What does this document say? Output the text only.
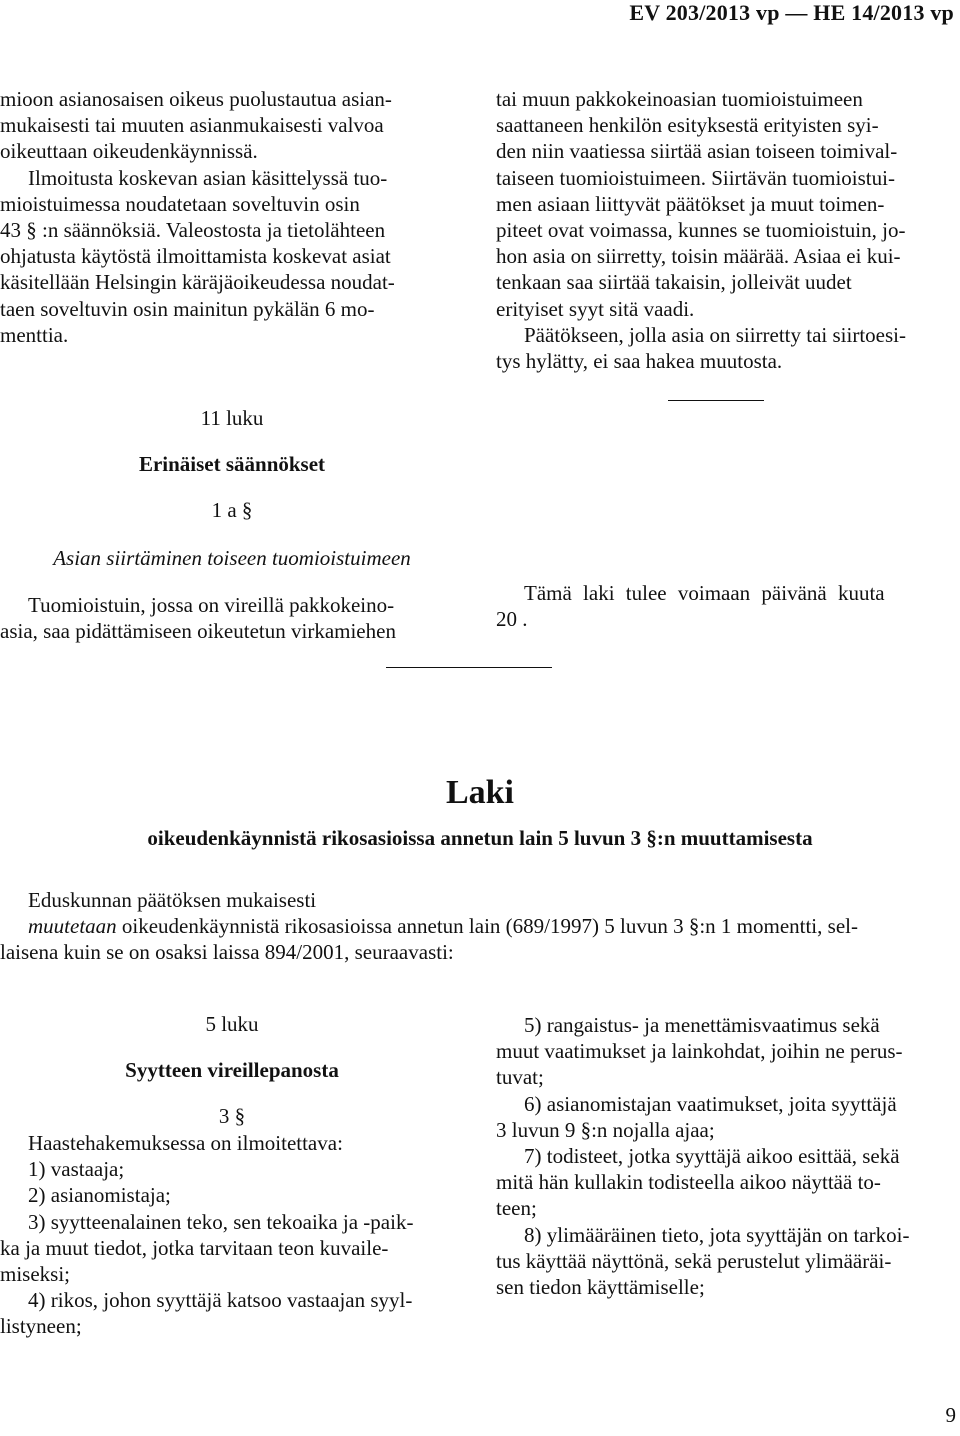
EV 203/2013 vp — HE 14/2013 vp

mioon asianosaisen oikeus puolustautua asian-

mukaisesti tai muuten asianmukaisesti valvoa

oikeuttaan oikeudenkäynnissä.

Ilmoitusta koskevan asian käsittelyssä tuo-

mioistuimessa noudatetaan soveltuvin osin

43 § :n säännöksiä. Valeostosta ja tietolähteen

ohjatusta käytöstä ilmoittamista koskevat asiat

käsitellään Helsingin käräjäoikeudessa noudat-

taen soveltuvin osin mainitun pykälän 6 mo-

menttia.

11 luku
Erinäiset säännökset
1 a §
Asian siirtäminen toiseen tuomioistuimeen

Tuomioistuin, jossa on vireillä pakkokeino-

asia, saa pidättämiseen oikeutetun virkamiehen

tai muun pakkokeinoasian tuomioistuimeen

saattaneen henkilön esityksestä erityisten syi-

den niin vaatiessa siirtää asian toiseen toimival-

taiseen tuomioistuimeen. Siirtävän tuomioistui-

men asiaan liittyvät päätökset ja muut toimen-

piteet ovat voimassa, kunnes se tuomioistuin, jo-

hon asia on siirretty, toisin määrää. Asiaa ei kui-

tenkaan saa siirtää takaisin, jolleivät uudet

erityiset syyt sitä vaadi.

Päätökseen, jolla asia on siirretty tai siirtoesi-

tys hylätty, ei saa hakea muutosta.

Tämä laki tulee voimaan päivänä kuuta

20 .

Laki
oikeudenkäynnistä rikosasioissa annetun lain 5 luvun 3 §:n muuttamisesta
Eduskunnan päätöksen mukaisesti
muutetaan oikeudenkäynnistä rikosasioissa annetun lain (689/1997) 5 luvun 3 §:n 1 momentti, sel-
laisena kuin se on osaksi laissa 894/2001, seuraavasti:
5 luku
Syytteen vireillepanosta
3 §

Haastehakemuksessa on ilmoitettava:

1) vastaaja;

2) asianomistaja;

3) syytteenalainen teko, sen tekoaika ja -paik-

ka ja muut tiedot, jotka tarvitaan teon kuvaile-

miseksi;

4) rikos, johon syyttäjä katsoo vastaajan syyl-

listyneen;

5) rangaistus- ja menettämisvaatimus sekä

muut vaatimukset ja lainkohdat, joihin ne perus-

tuvat;

6) asianomistajan vaatimukset, joita syyttäjä

3 luvun 9 §:n nojalla ajaa;

7) todisteet, jotka syyttäjä aikoo esittää, sekä

mitä hän kullakin todisteella aikoo näyttää to-

teen;

8) ylimääräinen tieto, jota syyttäjän on tarkoi-

tus käyttää näyttönä, sekä perustelut ylimääräi-

sen tiedon käyttämiselle;

9
